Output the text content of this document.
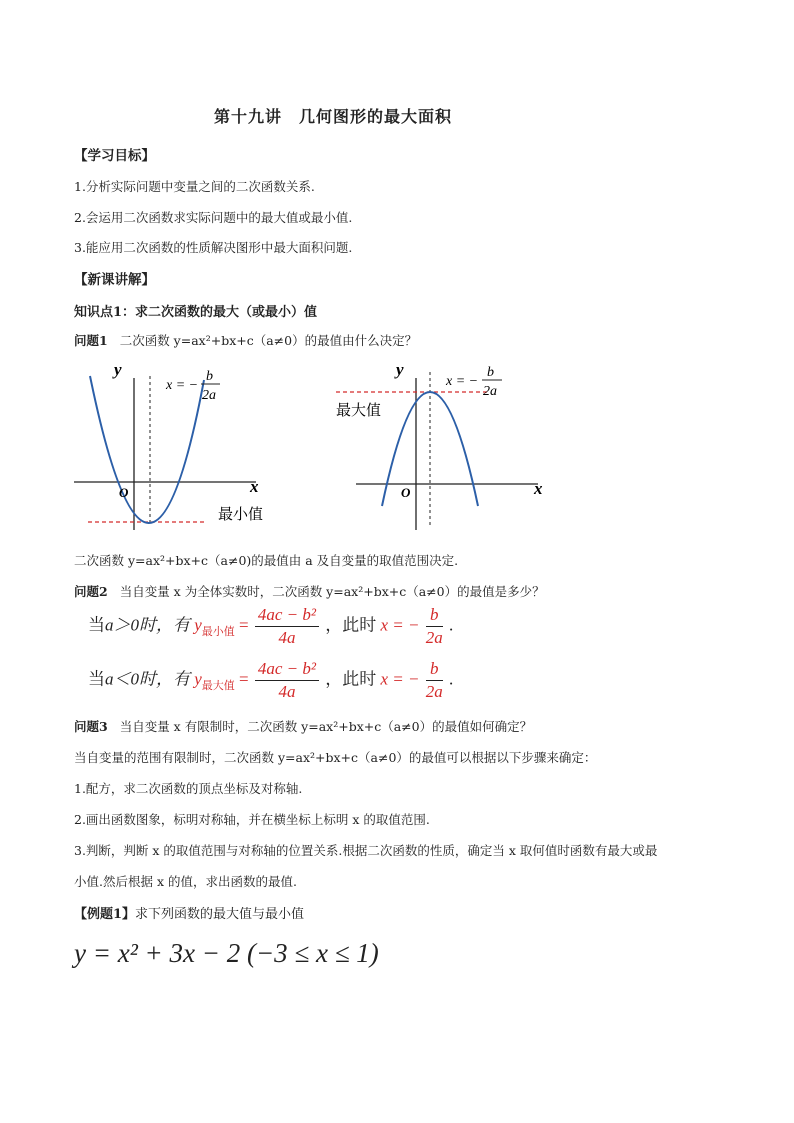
第十九讲　几何图形的最大面积
【学习目标】
1.分析实际问题中变量之间的二次函数关系.
2.会运用二次函数求实际问题中的最大值或最小值.
3.能应用二次函数的性质解决图形中最大面积问题.
【新课讲解】
知识点1：求二次函数的最大（或最小）值
问题1 二次函数 y=ax²+bx+c（a≠0）的最值由什么决定？
y
x
O
x = −
b
2a
最小值
y
x
O
x = −
b
2a
最大值
二次函数 y=ax²+bx+c（a≠0)的最值由 a 及自变量的取值范围决定.
问题2 当自变量 x 为全体实数时，二次函数 y=ax²+bx+c（a≠0）的最值是多少？
当a＞0时，有 $y_{最小值} = \frac{\text{4ac − b²}}{4a}$ ，此时 x = − $\frac{b}{2a}$ .
当a＜0时，有 $y_{最大值} = \frac{\text{4ac − b²}}{4a}$ ，此时 x = − $\frac{b}{2a}$ .
问题3 当自变量 x 有限制时，二次函数 y=ax²+bx+c（a≠0）的最值如何确定？
当自变量的范围有限制时，二次函数 y=ax²+bx+c（a≠0）的最值可以根据以下步骤来确定：
1.配方，求二次函数的顶点坐标及对称轴.
2.画出函数图象，标明对称轴，并在横坐标上标明 x 的取值范围.
3.判断，判断 x 的取值范围与对称轴的位置关系.根据二次函数的性质，确定当 x 取何值时函数有最大或最
小值.然后根据 x 的值，求出函数的最值.
【例题1】求下列函数的最大值与最小值
y = x² + 3x − 2 (−3 ≤ x ≤ 1)
